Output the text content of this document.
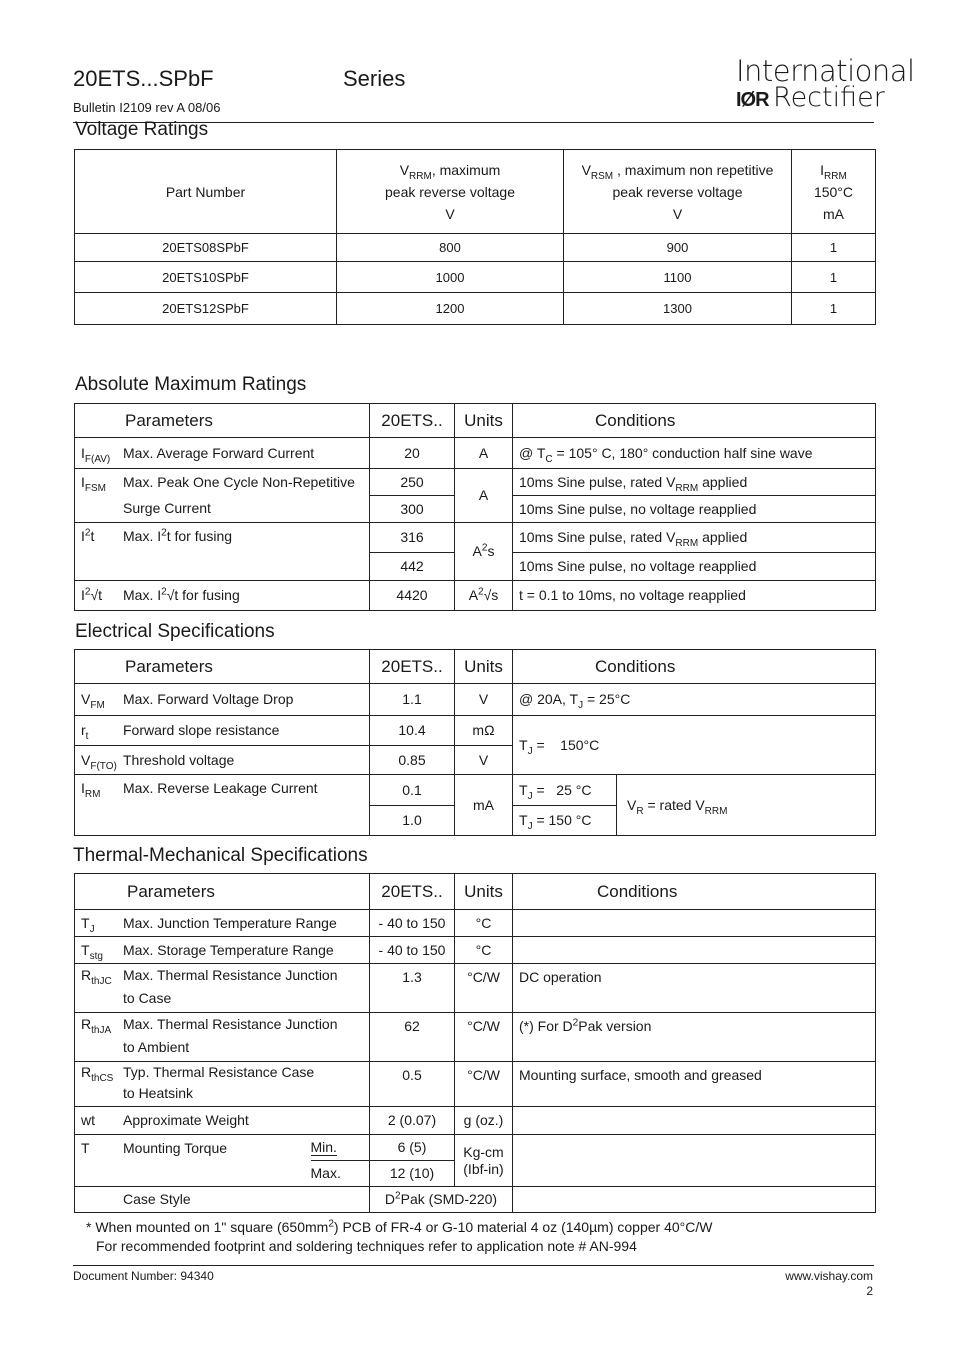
20ETS...SPbF	Series
Bulletin I2109 rev A 08/06
International
IØR Rectifier
Voltage Ratings
Part Number	$V_{RRM}$, maximum
peak reverse voltage
V	$V_{RSM}$ , maximum non repetitive
peak reverse voltage
V	$I_{RRM}$
150°C
mA
20ETS08SPbF	800	900	1
20ETS10SPbF	1000	1100	1
20ETS12SPbF	1200	1300	1
Absolute Maximum Ratings
Parameters	20ETS..	Units	Conditions
$I_{F(AV)}$ Max. Average Forward Current	20	A	@ $T_C = 105^\circ$ C, 180° conduction half sine wave
$I_{FSM}$ Max. Peak One Cycle Non-Repetitive	250	A	10ms Sine pulse, rated $V_{RRM}$ applied
Surge Current	300		10ms Sine pulse, no voltage reapplied
$I^2t$ Max. $I^2t$ for fusing	316	$A^2s$	10ms Sine pulse, rated $V_{RRM}$ applied
	442		10ms Sine pulse, no voltage reapplied
$I^2√t$ Max. $I^2√t$ for fusing	4420	$A^2√s$	t = 0.1 to 10ms, no voltage reapplied
Electrical Specifications
Parameters	20ETS..	Units	Conditions	
$V_{FM}$ Max. Forward Voltage Drop	1.1	V	@ 20A, $T_J = 25^\circ C$	
$r_t$ Forward slope resistance	10.4	mΩ	$T_J$ =    150°C	
$V_{F(TO)}$ Threshold voltage	0.85	V		
$I_{RM}$ Max. Reverse Leakage Current	0.1	mA	$T_J = 25$ °C	$V_R$ = rated $V_{RRM}$
	1.0		$T_J = 150$ °C	
Thermal-Mechanical Specifications
Parameters		20ETS..	Units	Conditions
$T_J$ Max. Junction Temperature Range		- 40 to 150	°C	
$T_{stg}$ Max. Storage Temperature Range		- 40 to 150	°C	
$R_{thJC}$ Max. Thermal Resistance Junction
to Case		1.3	°C/W	DC operation
$R_{thJA}$ Max. Thermal Resistance Junction
to Ambient		62	°C/W	(*) For $D^2Pak$ version
$R_{thCS}$ Typ. Thermal Resistance Case
to Heatsink		0.5	°C/W	Mounting surface, smooth and greased
wt Approximate Weight		2 (0.07)	g (oz.)	
T Mounting Torque	Min.	6 (5)	Kg-cm
(Ibf-in)	
	Max.	12 (10)		
Case Style		$D^2Pak$ (SMD-220)		
* When mounted on 1" square $(650mm^2)$ PCB of FR-4 or G-10 material 4 oz (140µm) copper 40°C/W
For recommended footprint and soldering techniques refer to application note # AN-994
Document Number: 94340	www.vishay.com
2
